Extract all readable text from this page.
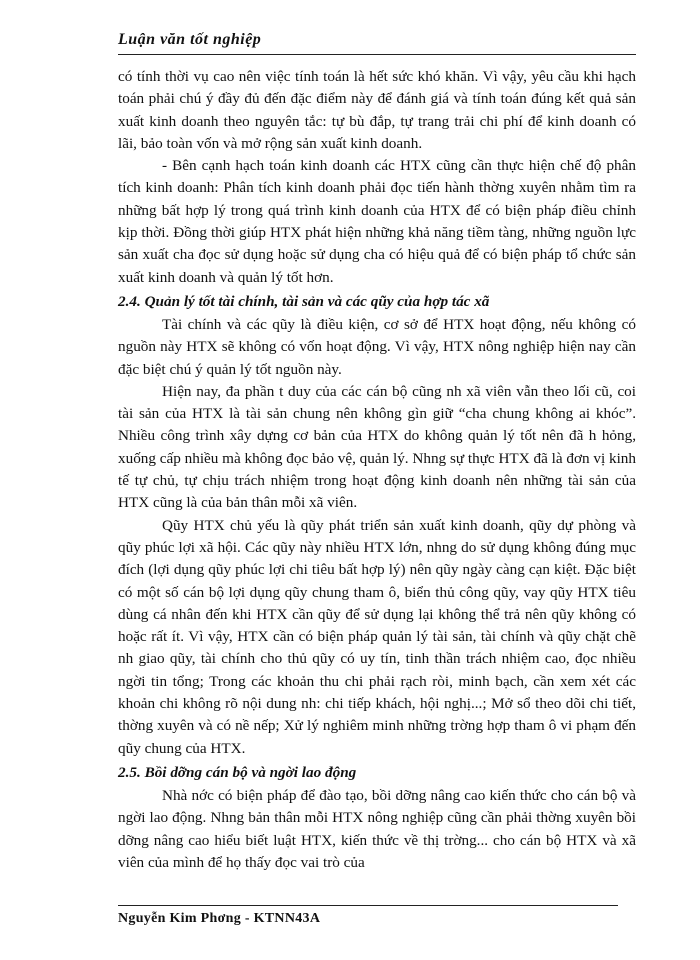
Luận văn tốt nghiệp

có tính thời vụ cao nên việc tính toán là hết sức khó khăn. Vì vậy, yêu cầu khi hạch toán phải chú ý đầy đủ đến đặc điểm này để đánh giá và tính toán đúng kết quả sản xuất kinh doanh theo nguyên tắc: tự bù đắp, tự trang trải chi phí để kinh doanh có lãi, bảo toàn vốn và mở rộng sản xuất kinh doanh.

- Bên cạnh hạch toán kinh doanh các HTX cũng cần thực hiện chế độ phân tích kinh doanh: Phân tích kinh doanh phải đọc tiến hành thờng xuyên nhằm tìm ra những bất hợp lý trong quá trình kinh doanh của HTX để có biện pháp điều chỉnh kịp thời. Đồng thời giúp HTX phát hiện những khả năng tiềm tàng, những nguồn lực sản xuất cha đọc sử dụng hoặc sử dụng cha có hiệu quả để có biện pháp tổ chức sản xuất kinh doanh và quản lý tốt hơn.

2.4. Quản lý tốt tài chính, tài sản và các qũy của hợp tác xã

Tài chính và các qũy là điều kiện, cơ sở để HTX hoạt động, nếu không có nguồn này HTX sẽ không có vốn hoạt động. Vì vậy, HTX nông nghiệp hiện nay cần đặc biệt chú ý quản lý tốt nguồn này.

Hiện nay, đa phần t duy của các cán bộ cũng nh xã viên vẫn theo lối cũ, coi tài sản của HTX là tài sản chung nên không gìn giữ “cha chung không ai khóc”. Nhiều công trình xây dựng cơ bản của HTX do không quản lý tốt nên đã h hỏng, xuống cấp nhiều mà không đọc bảo vệ, quản lý. Nhng sự thực HTX đã là đơn vị kinh tế tự chủ, tự chịu trách nhiệm trong hoạt động kinh doanh nên những tài sản của HTX cũng là của bản thân mỗi xã viên.

Qũy HTX chủ yếu là qũy phát triển sản xuất kinh doanh, qũy dự phòng và qũy phúc lợi xã hội. Các qũy này nhiều HTX lớn, nhng do sử dụng không đúng mục đích (lợi dụng qũy phúc lợi chi tiêu bất hợp lý) nên qũy ngày càng cạn kiệt. Đặc biệt có một số cán bộ lợi dụng qũy chung tham ô, biển thủ công qũy, vay qũy HTX tiêu dùng cá nhân đến khi HTX cần qũy để sử dụng lại không thể trả nên qũy không có hoặc rất ít. Vì vậy, HTX cần có biện pháp quản lý tài sản, tài chính và qũy chặt chẽ nh giao qũy, tài chính cho thủ qũy có uy tín, tinh thần trách nhiệm cao, đọc nhiều ngời tin tổng; Trong các khoản thu chi phải rạch ròi, minh bạch, cần xem xét các khoản chi không rõ nội dung nh: chi tiếp khách, hội nghị...; Mở sổ theo dõi chi tiết, thờng xuyên và có nề nếp; Xử lý nghiêm minh những trờng hợp tham ô vi phạm đến qũy chung của HTX.

2.5. Bồi dỡng cán bộ và ngời lao động

Nhà nớc có biện pháp để đào tạo, bồi dỡng nâng cao kiến thức cho cán bộ và ngời lao động. Nhng bản thân mỗi HTX nông nghiệp cũng cần phải thờng xuyên bồi dỡng nâng cao hiểu biết luật HTX, kiến thức về thị trờng... cho cán bộ HTX và xã viên của mình để họ thấy đọc vai trò của

Nguyễn Kim Phơng - KTNN43A
